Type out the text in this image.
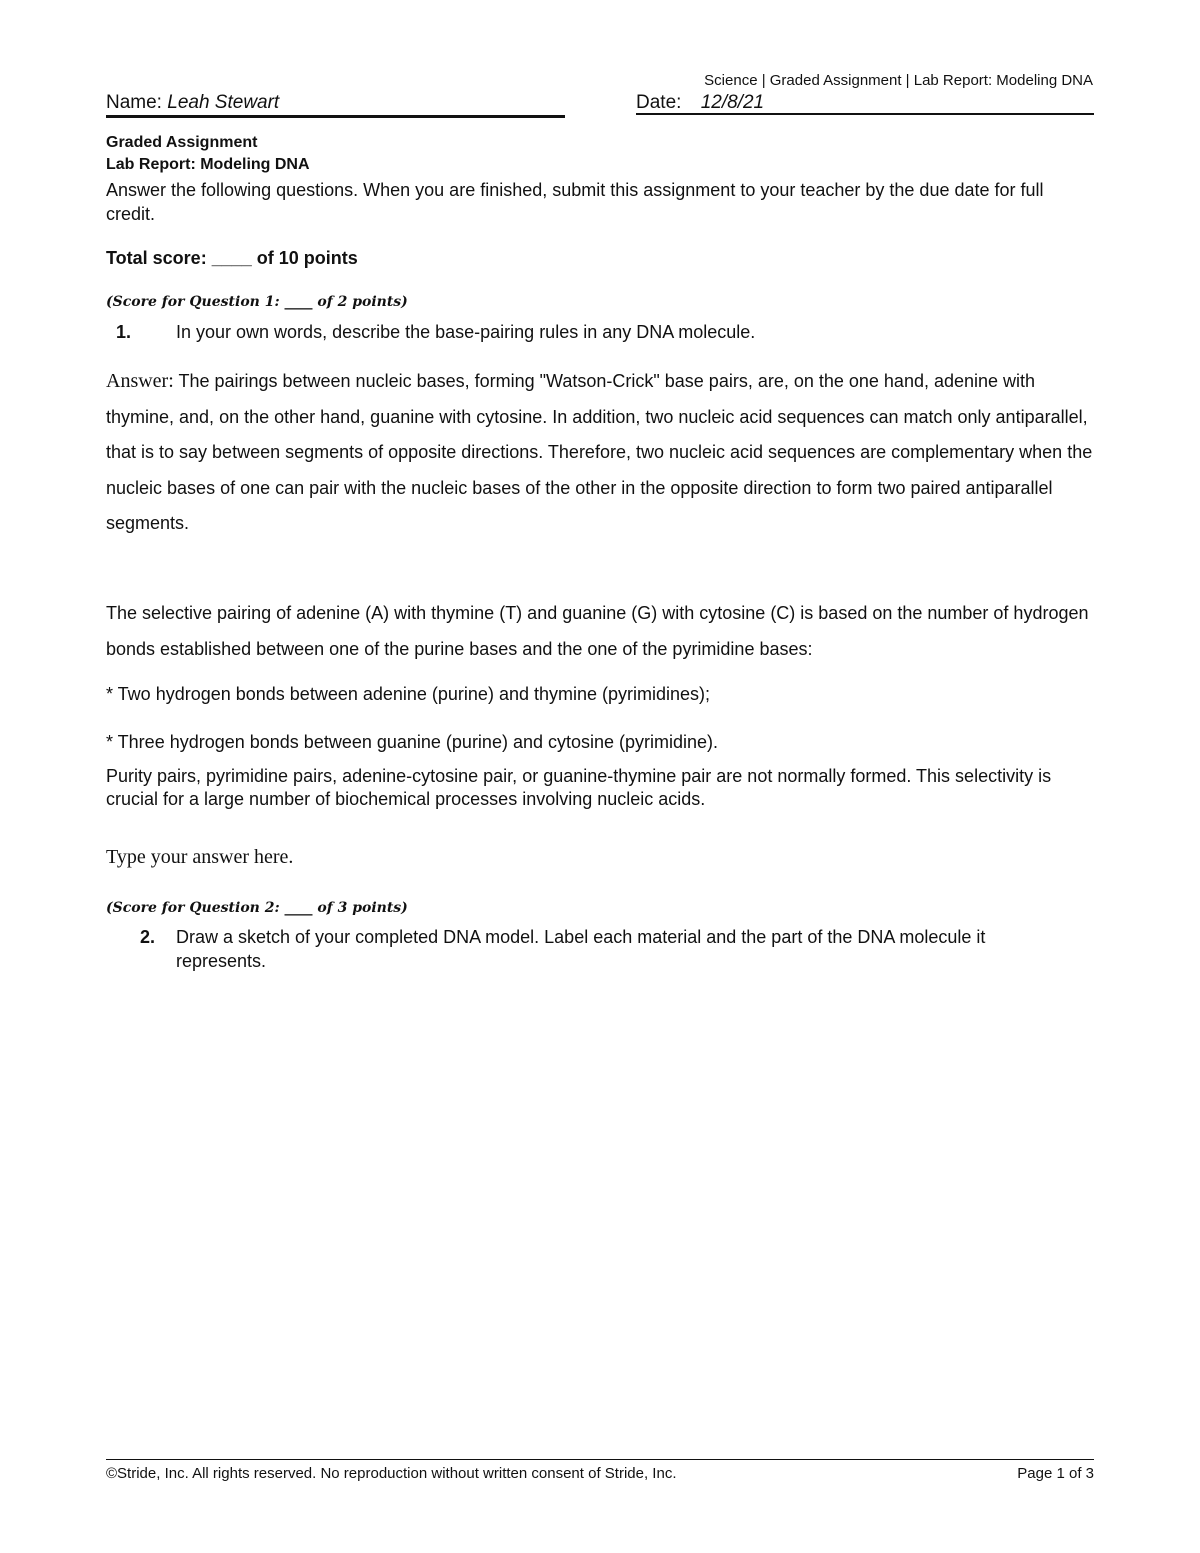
Science | Graded Assignment | Lab Report: Modeling DNA
Name: Leah Stewart	Date: 12/8/21
Graded Assignment
Lab Report: Modeling DNA
Answer the following questions. When you are finished, submit this assignment to your teacher by the due date for full credit.
Total score: ____ of 10 points
(Score for Question 1: ____ of 2 points)
1. In your own words, describe the base-pairing rules in any DNA molecule.
Answer: The pairings between nucleic bases, forming "Watson-Crick" base pairs, are, on the one hand, adenine with thymine, and, on the other hand, guanine with cytosine. In addition, two nucleic acid sequences can match only antiparallel, that is to say between segments of opposite directions. Therefore, two nucleic acid sequences are complementary when the nucleic bases of one can pair with the nucleic bases of the other in the opposite direction to form two paired antiparallel segments.
The selective pairing of adenine (A) with thymine (T) and guanine (G) with cytosine (C) is based on the number of hydrogen bonds established between one of the purine bases and the one of the pyrimidine bases:
* Two hydrogen bonds between adenine (purine) and thymine (pyrimidines);
* Three hydrogen bonds between guanine (purine) and cytosine (pyrimidine).
Purity pairs, pyrimidine pairs, adenine-cytosine pair, or guanine-thymine pair are not normally formed. This selectivity is crucial for a large number of biochemical processes involving nucleic acids.
Type your answer here.
(Score for Question 2: ____ of 3 points)
2. Draw a sketch of your completed DNA model. Label each material and the part of the DNA molecule it represents.
©Stride, Inc. All rights reserved. No reproduction without written consent of Stride, Inc.	Page 1 of 3
